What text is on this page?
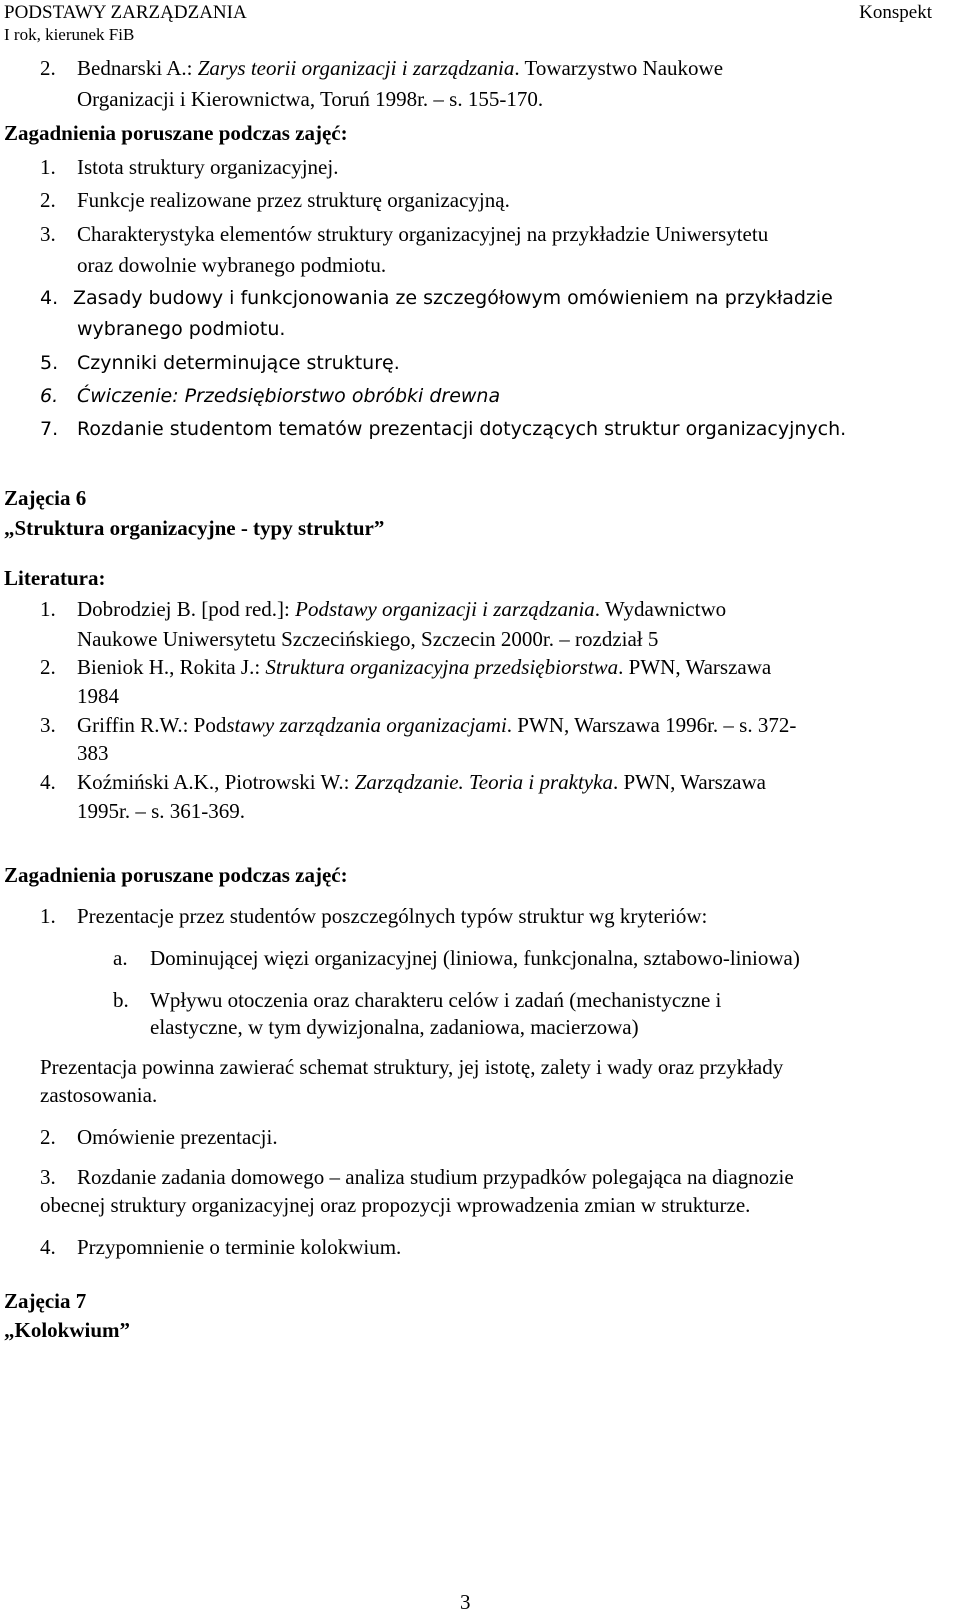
PODSTAWY ZARZĄDZANIA
I rok, kierunek FiB
Konspekt
2. Bednarski A.: Zarys teorii organizacji i zarządzania. Towarzystwo Naukowe
Organizacji i Kierownictwa, Toruń 1998r. – s. 155-170.
Zagadnienia poruszane podczas zajęć:
1. Istota struktury organizacyjnej.
2. Funkcje realizowane przez strukturę organizacyjną.
3. Charakterystyka elementów struktury organizacyjnej na przykładzie Uniwersytetu
oraz dowolnie wybranego podmiotu.
4. Zasady budowy i funkcjonowania ze szczegółowym omówieniem na przykładzie
wybranego podmiotu.
5. Czynniki determinujące strukturę.
6. Ćwiczenie: Przedsiębiorstwo obróbki drewna
7. Rozdanie studentom tematów prezentacji dotyczących struktur organizacyjnych.
Zajęcia 6
„Struktura organizacyjne - typy struktur”
Literatura:
1. Dobrodziej B. [pod red.]: Podstawy organizacji i zarządzania. Wydawnictwo
Naukowe Uniwersytetu Szczecińskiego, Szczecin 2000r. – rozdział 5
2. Bieniok H., Rokita J.: Struktura organizacyjna przedsiębiorstwa. PWN, Warszawa
1984
3. Griffin R.W.: Podstawy zarządzania organizacjami. PWN, Warszawa 1996r. – s. 372-
383
4. Koźmiński A.K., Piotrowski W.: Zarządzanie. Teoria i praktyka. PWN, Warszawa
1995r. – s. 361-369.
Zagadnienia poruszane podczas zajęć:
1. Prezentacje przez studentów poszczególnych typów struktur wg kryteriów:
a. Dominującej więzi organizacyjnej (liniowa, funkcjonalna, sztabowo-liniowa)
b. Wpływu otoczenia oraz charakteru celów i zadań (mechanistyczne i
elastyczne, w tym dywizjonalna, zadaniowa, macierzowa)
Prezentacja powinna zawierać schemat struktury, jej istotę, zalety i wady oraz przykłady
zastosowania.
2. Omówienie prezentacji.
3. Rozdanie zadania domowego – analiza studium przypadków polegająca na diagnozie
obecnej struktury organizacyjnej oraz propozycji wprowadzenia zmian w strukturze.
4. Przypomnienie o terminie kolokwium.
Zajęcia 7
„Kolokwium”
3
